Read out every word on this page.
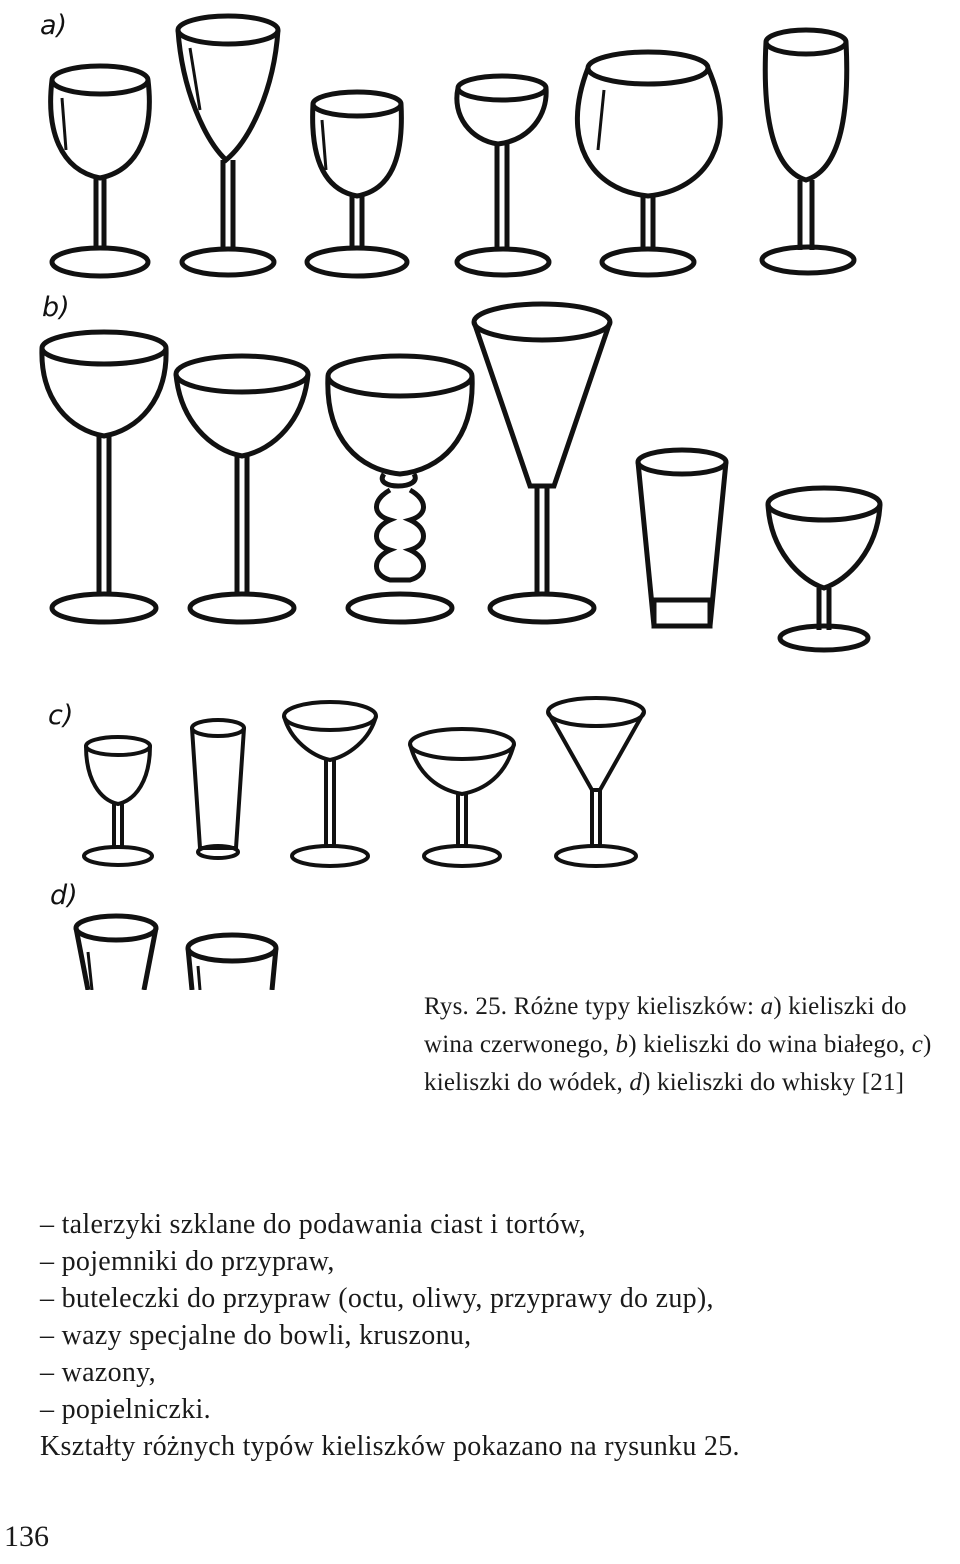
a)
b)
c)
d)
Rys. 25. Różne typy kieliszków: a) kieliszki do wina czerwonego, b) kieliszki do wina białego, c) kieliszki do wódek, d) kieliszki do whisky [21]
– talerzyki szklane do podawania ciast i tortów,
– pojemniki do przypraw,
– buteleczki do przypraw (octu, oliwy, przyprawy do zup),
– wazy specjalne do bowli, kruszonu,
– wazony,
– popielniczki.
Kształty różnych typów kieliszków pokazano na rysunku 25.
136
